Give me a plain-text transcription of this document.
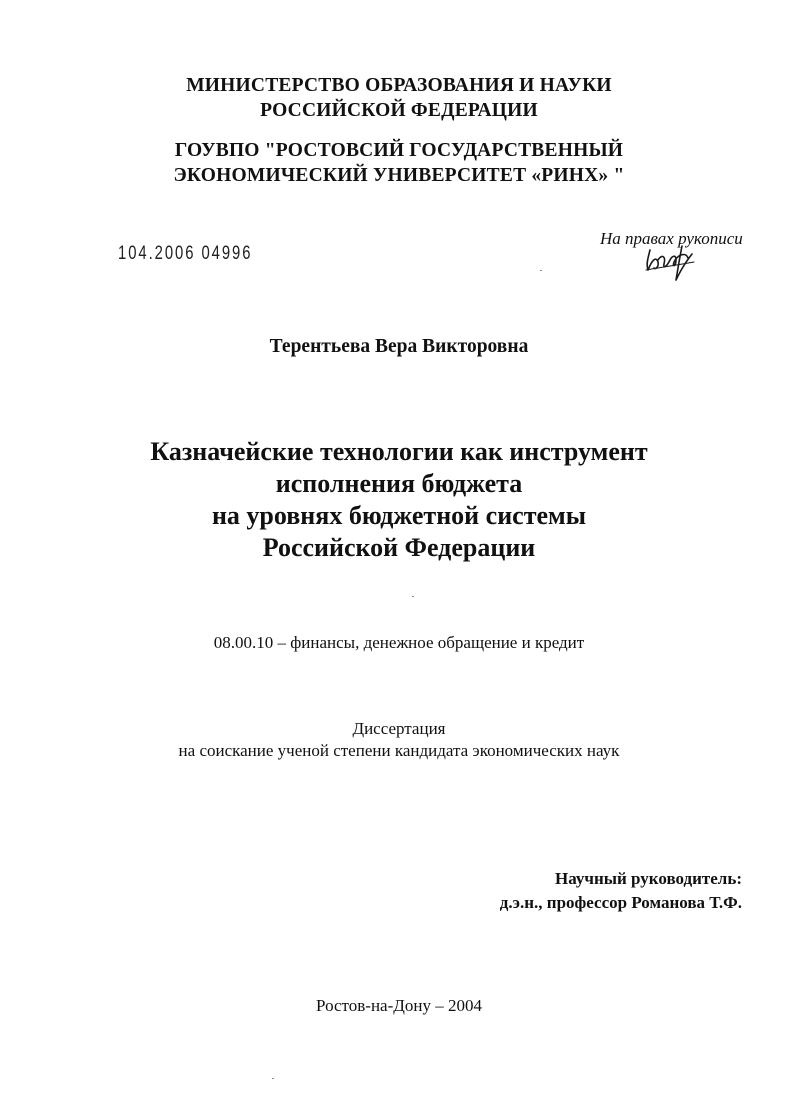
МИНИСТЕРСТВО ОБРАЗОВАНИЯ И НАУКИ
РОССИЙСКОЙ ФЕДЕРАЦИИ
ГОУВПО "РОСТОВСИЙ ГОСУДАРСТВЕННЫЙ
ЭКОНОМИЧЕСКИЙ УНИВЕРСИТЕТ «РИНХ» "
104.2006 04996
На правах рукописи
Терентьева Вера Викторовна
Казначейские технологии как инструмент
исполнения бюджета
на уровнях бюджетной системы
Российской Федерации
08.00.10 – финансы, денежное обращение и кредит
Диссертация
на соискание ученой степени кандидата экономических наук
Научный руководитель:
д.э.н., профессор Романова Т.Ф.
Ростов-на-Дону – 2004
